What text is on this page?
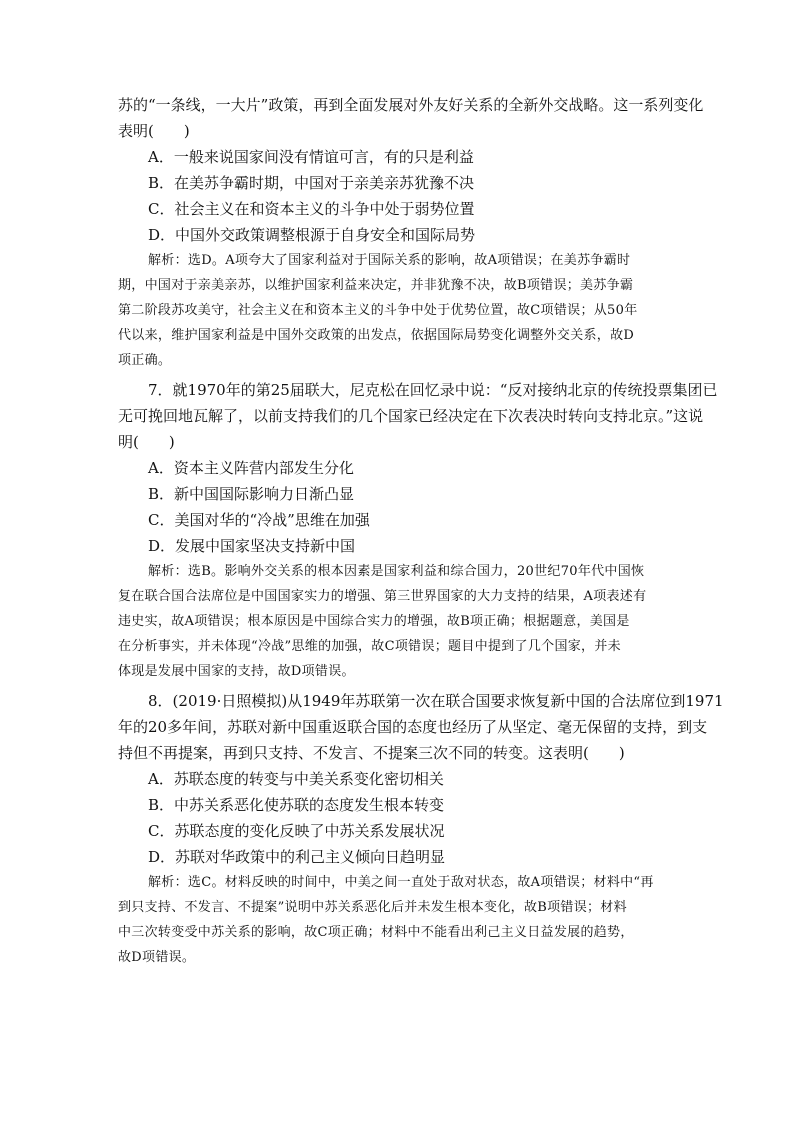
苏的“一条线，一大片”政策，再到全面发展对外友好关系的全新外交战略。这一系列变化
表明(　　)
A．一般来说国家间没有情谊可言，有的只是利益
B．在美苏争霸时期，中国对于亲美亲苏犹豫不决
C．社会主义在和资本主义的斗争中处于弱势位置
D．中国外交政策调整根源于自身安全和国际局势
解析：选D。A项夸大了国家利益对于国际关系的影响，故A项错误；在美苏争霸时
期，中国对于亲美亲苏，以维护国家利益来决定，并非犹豫不决，故B项错误；美苏争霸
第二阶段苏攻美守，社会主义在和资本主义的斗争中处于优势位置，故C项错误；从50年
代以来，维护国家利益是中国外交政策的出发点，依据国际局势变化调整外交关系，故D
项正确。
7．就1970年的第25届联大，尼克松在回忆录中说：“反对接纳北京的传统投票集团已
无可挽回地瓦解了，以前支持我们的几个国家已经决定在下次表决时转向支持北京。”这说
明(　　)
A．资本主义阵营内部发生分化
B．新中国国际影响力日渐凸显
C．美国对华的“冷战”思维在加强
D．发展中国家坚决支持新中国
解析：选B。影响外交关系的根本因素是国家利益和综合国力，20世纪70年代中国恢
复在联合国合法席位是中国国家实力的增强、第三世界国家的大力支持的结果，A项表述有
违史实，故A项错误；根本原因是中国综合实力的增强，故B项正确；根据题意，美国是
在分析事实，并未体现“冷战”思维的加强，故C项错误；题目中提到了几个国家，并未
体现是发展中国家的支持，故D项错误。
8．(2019·日照模拟)从1949年苏联第一次在联合国要求恢复新中国的合法席位到1971
年的20多年间，苏联对新中国重返联合国的态度也经历了从坚定、毫无保留的支持，到支
持但不再提案，再到只支持、不发言、不提案三次不同的转变。这表明(　　)
A．苏联态度的转变与中美关系变化密切相关
B．中苏关系恶化使苏联的态度发生根本转变
C．苏联态度的变化反映了中苏关系发展状况
D．苏联对华政策中的利己主义倾向日趋明显
解析：选C。材料反映的时间中，中美之间一直处于敌对状态，故A项错误；材料中“再
到只支持、不发言、不提案”说明中苏关系恶化后并未发生根本变化，故B项错误；材料
中三次转变受中苏关系的影响，故C项正确；材料中不能看出利己主义日益发展的趋势，
故D项错误。
